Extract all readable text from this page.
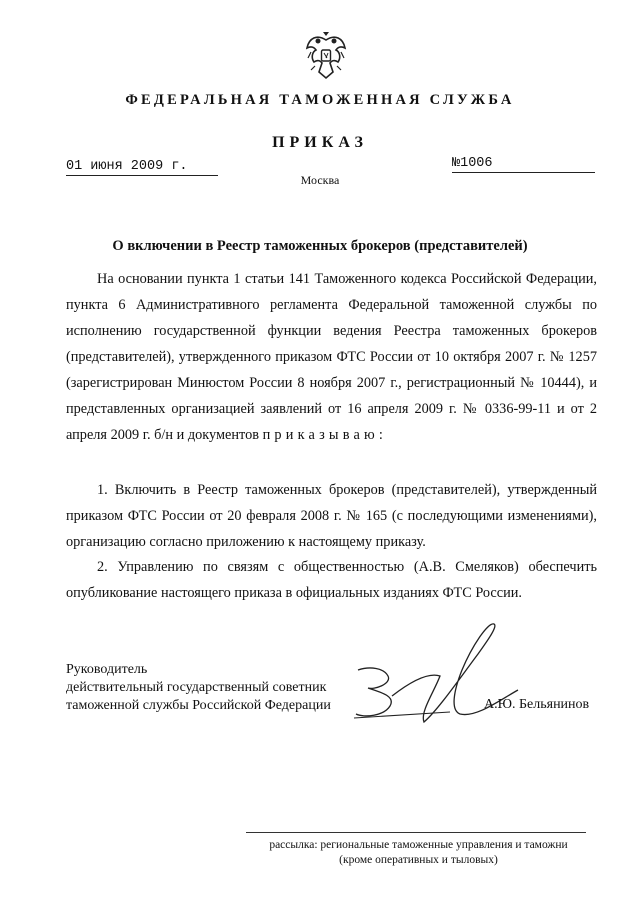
ФЕДЕРАЛЬНАЯ ТАМОЖЕННАЯ СЛУЖБА
ПРИКАЗ
01 июня 2009 г.	№1006
Москва
О включении в Реестр таможенных брокеров (представителей)
На основании пункта 1 статьи 141 Таможенного кодекса Российской Федерации, пункта 6 Административного регламента Федеральной таможенной службы по исполнению государственной функции ведения Реестра таможенных брокеров (представителей), утвержденного приказом ФТС России от 10 октября 2007 г. № 1257 (зарегистрирован Минюстом России 8 ноября 2007 г., регистрационный № 10444), и представленных организацией заявлений от 16 апреля 2009 г. № 0336-99-11 и от 2 апреля 2009 г. б/н и документов приказываю:
1. Включить в Реестр таможенных брокеров (представителей), утвержденный приказом ФТС России от 20 февраля 2008 г. № 165 (с последующими изменениями), организацию согласно приложению к настоящему приказу.
2. Управлению по связям с общественностью (А.В. Смеляков) обеспечить опубликование настоящего приказа в официальных изданиях ФТС России.
Руководитель
действительный государственный советник
таможенной службы Российской Федерации	А.Ю. Бельянинов
рассылка: региональные таможенные управления и таможни
(кроме оперативных и тыловых)
